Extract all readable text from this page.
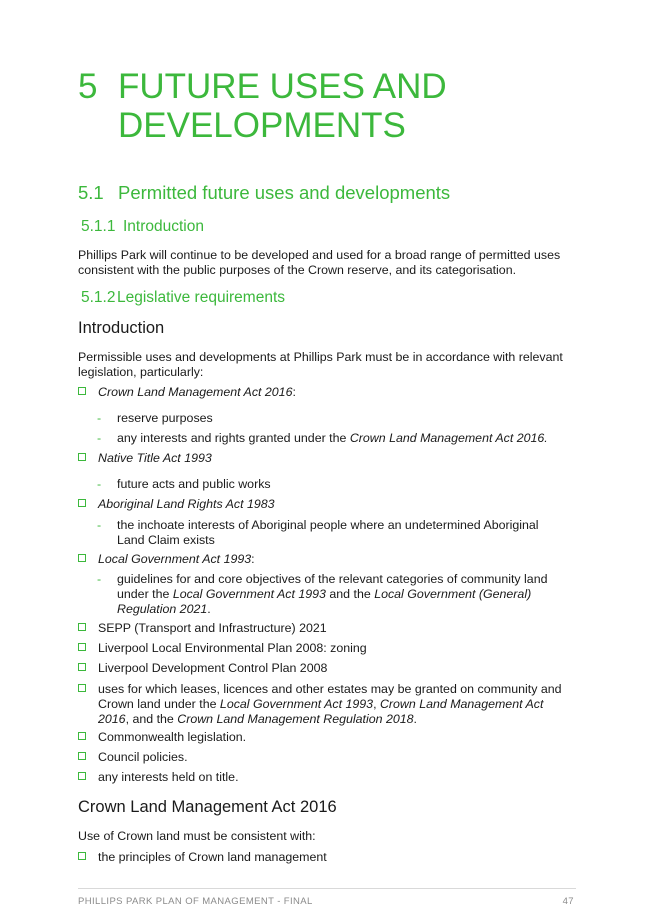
5 FUTURE USES AND DEVELOPMENTS
5.1 Permitted future uses and developments
5.1.1 Introduction

Phillips Park will continue to be developed and used for a broad range of permitted uses consistent with the public purposes of the Crown reserve, and its categorisation.

5.1.2 Legislative requirements
Introduction

Permissible uses and developments at Phillips Park must be in accordance with relevant legislation, particularly:

Crown Land Management Act 2016:

- reserve purposes

- any interests and rights granted under the Crown Land Management Act 2016.

Native Title Act 1993

- future acts and public works

Aboriginal Land Rights Act 1983

- the inchoate interests of Aboriginal people where an undetermined Aboriginal Land Claim exists

Local Government Act 1993:

- guidelines for and core objectives of the relevant categories of community land under the Local Government Act 1993 and the Local Government (General) Regulation 2021.

SEPP (Transport and Infrastructure) 2021

Liverpool Local Environmental Plan 2008: zoning

Liverpool Development Control Plan 2008

uses for which leases, licences and other estates may be granted on community and Crown land under the Local Government Act 1993, Crown Land Management Act 2016, and the Crown Land Management Regulation 2018.

Commonwealth legislation.

Council policies.

any interests held on title.

Crown Land Management Act 2016

Use of Crown land must be consistent with:

the principles of Crown land management

PHILLIPS PARK PLAN OF MANAGEMENT - FINAL	47
